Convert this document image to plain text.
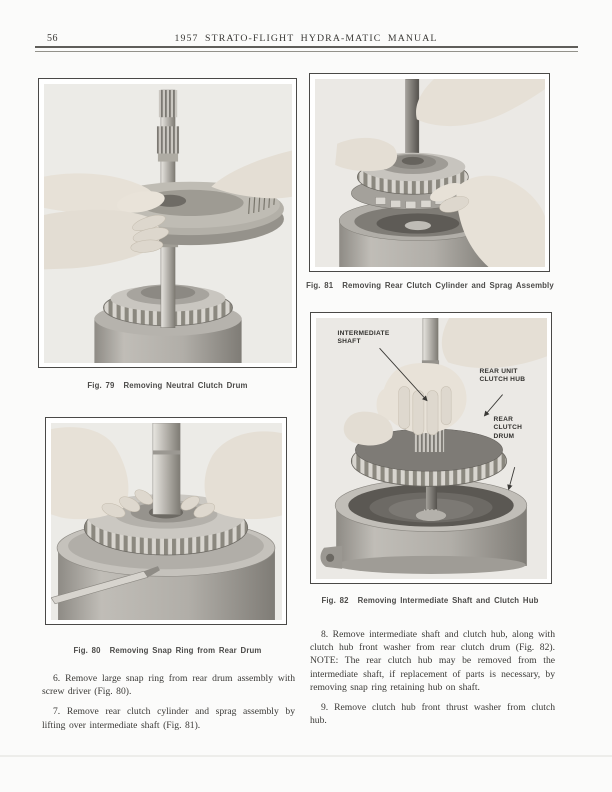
56	1957 STRATO-FLIGHT HYDRA-MATIC MANUAL
Fig. 79 Removing Neutral Clutch Drum
Fig. 80 Removing Snap Ring from Rear Drum

6. Remove large snap ring from rear drum assembly with screw driver (Fig. 80).

7. Remove rear clutch cylinder and sprag assembly by lifting over intermediate shaft (Fig. 81).

Fig. 81 Removing Rear Clutch Cylinder and Sprag Assembly
INTERMEDIATE SHAFT
REAR UNIT CLUTCH HUB
REAR CLUTCH DRUM
Fig. 82 Removing Intermediate Shaft and Clutch Hub

8. Remove intermediate shaft and clutch hub, along with clutch hub front washer from rear clutch drum (Fig. 82). NOTE: The rear clutch hub may be removed from the intermediate shaft, if replacement of parts is necessary, by removing snap ring retaining hub on shaft.

9. Remove clutch hub front thrust washer from clutch hub.
